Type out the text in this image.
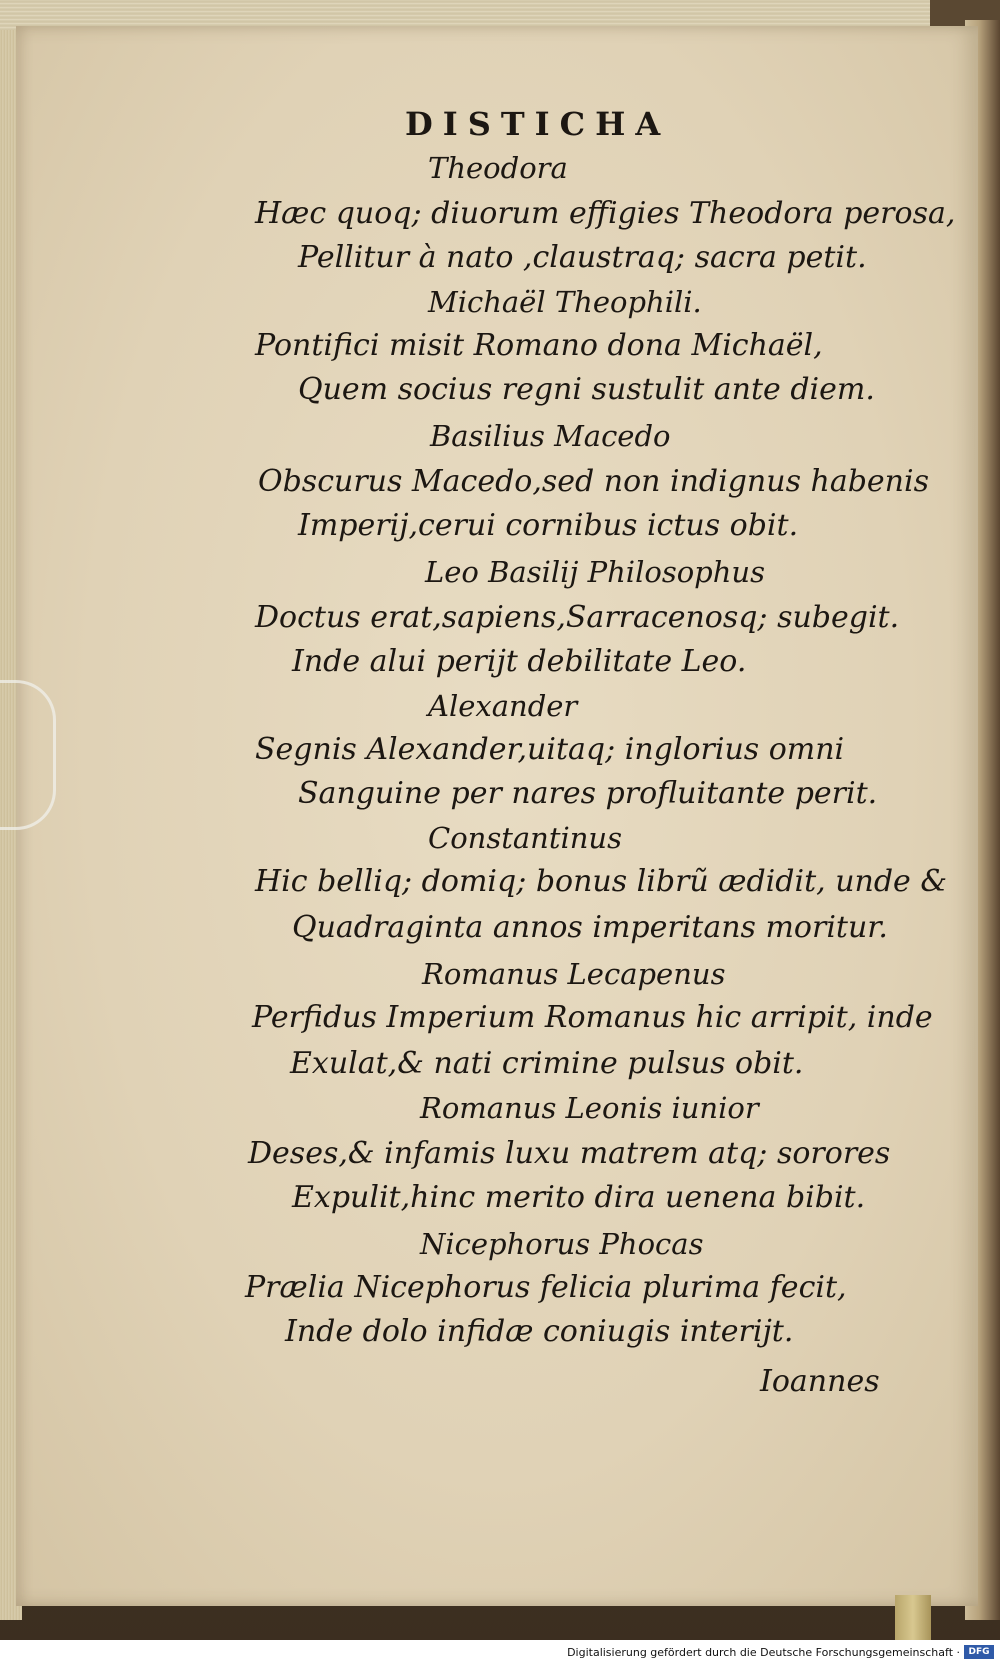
DISTICHA
Theodora
Hæc quoq; diuorum effigies Theodora perosa,
Pellitur à nato ,claustraq; sacra petit.
Michaël Theophili.
Pontifici misit Romano dona Michaël,
Quem socius regni sustulit ante diem.
Basilius Macedo
Obscurus Macedo,sed non indignus habenis
Imperij,cerui cornibus ictus obit.
Leo Basilij Philosophus
Doctus erat,sapiens,Sarracenosq; subegit.
Inde alui perijt debilitate Leo.
Alexander
Segnis Alexander,uitaq; inglorius omni
Sanguine per nares profluitante perit.
Constantinus
Hic belliq; domiq; bonus librũ ædidit, unde &
Quadraginta annos imperitans moritur.
Romanus Lecapenus
Perfidus Imperium Romanus hic arripit, inde
Exulat,& nati crimine pulsus obit.
Romanus Leonis iunior
Deses,& infamis luxu matrem atq; sorores
Expulit,hinc merito dira uenena bibit.
Nicephorus Phocas
Prælia Nicephorus felicia plurima fecit,
Inde dolo infidæ coniugis interijt.
Ioannes
Digitalisierung gefördert durch die Deutsche Forschungsgemeinschaft · DFG
